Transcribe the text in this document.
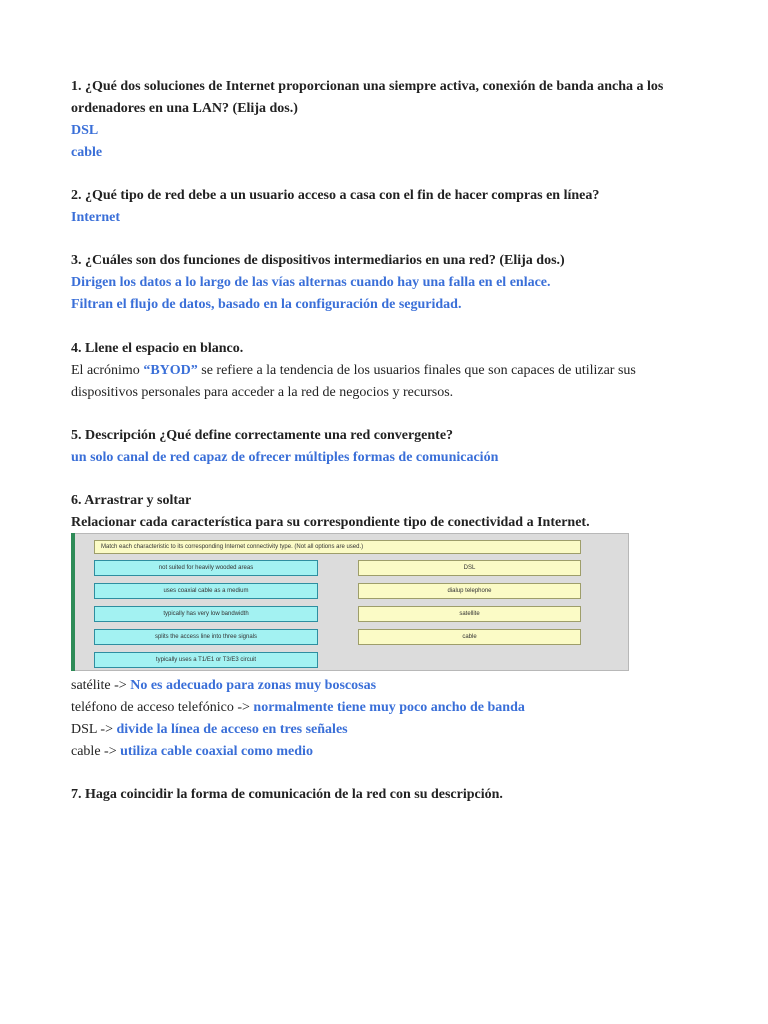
1. ¿Qué dos soluciones de Internet proporcionan una siempre activa, conexión de banda ancha a los

ordenadores en una LAN? (Elija dos.)

DSL

cable

2. ¿Qué tipo de red debe a un usuario acceso a casa con el fin de hacer compras en línea?

Internet

3. ¿Cuáles son dos funciones de dispositivos intermediarios en una red? (Elija dos.)

Dirigen los datos a lo largo de las vías alternas cuando hay una falla en el enlace.

Filtran el flujo de datos, basado en la configuración de seguridad.

4. Llene el espacio en blanco.

El acrónimo “BYOD” se refiere a la tendencia de los usuarios finales que son capaces de utilizar sus

dispositivos personales para acceder a la red de negocios y recursos.

5. Descripción ¿Qué define correctamente una red convergente?

un solo canal de red capaz de ofrecer múltiples formas de comunicación

6. Arrastrar y soltar

Relacionar cada característica para su correspondiente tipo de conectividad a Internet.

Match each characteristic to its corresponding Internet connectivity type. (Not all options are used.)
not suited for heavily wooded areas
uses coaxial cable as a medium
typically has very low bandwidth
splits the access line into three signals
typically uses a T1/E1 or T3/E3 circuit
DSL
dialup telephone
satellite
cable

satélite -> No es adecuado para zonas muy boscosas

teléfono de acceso telefónico -> normalmente tiene muy poco ancho de banda

DSL -> divide la línea de acceso en tres señales

cable -> utiliza cable coaxial como medio

7. Haga coincidir la forma de comunicación de la red con su descripción.
